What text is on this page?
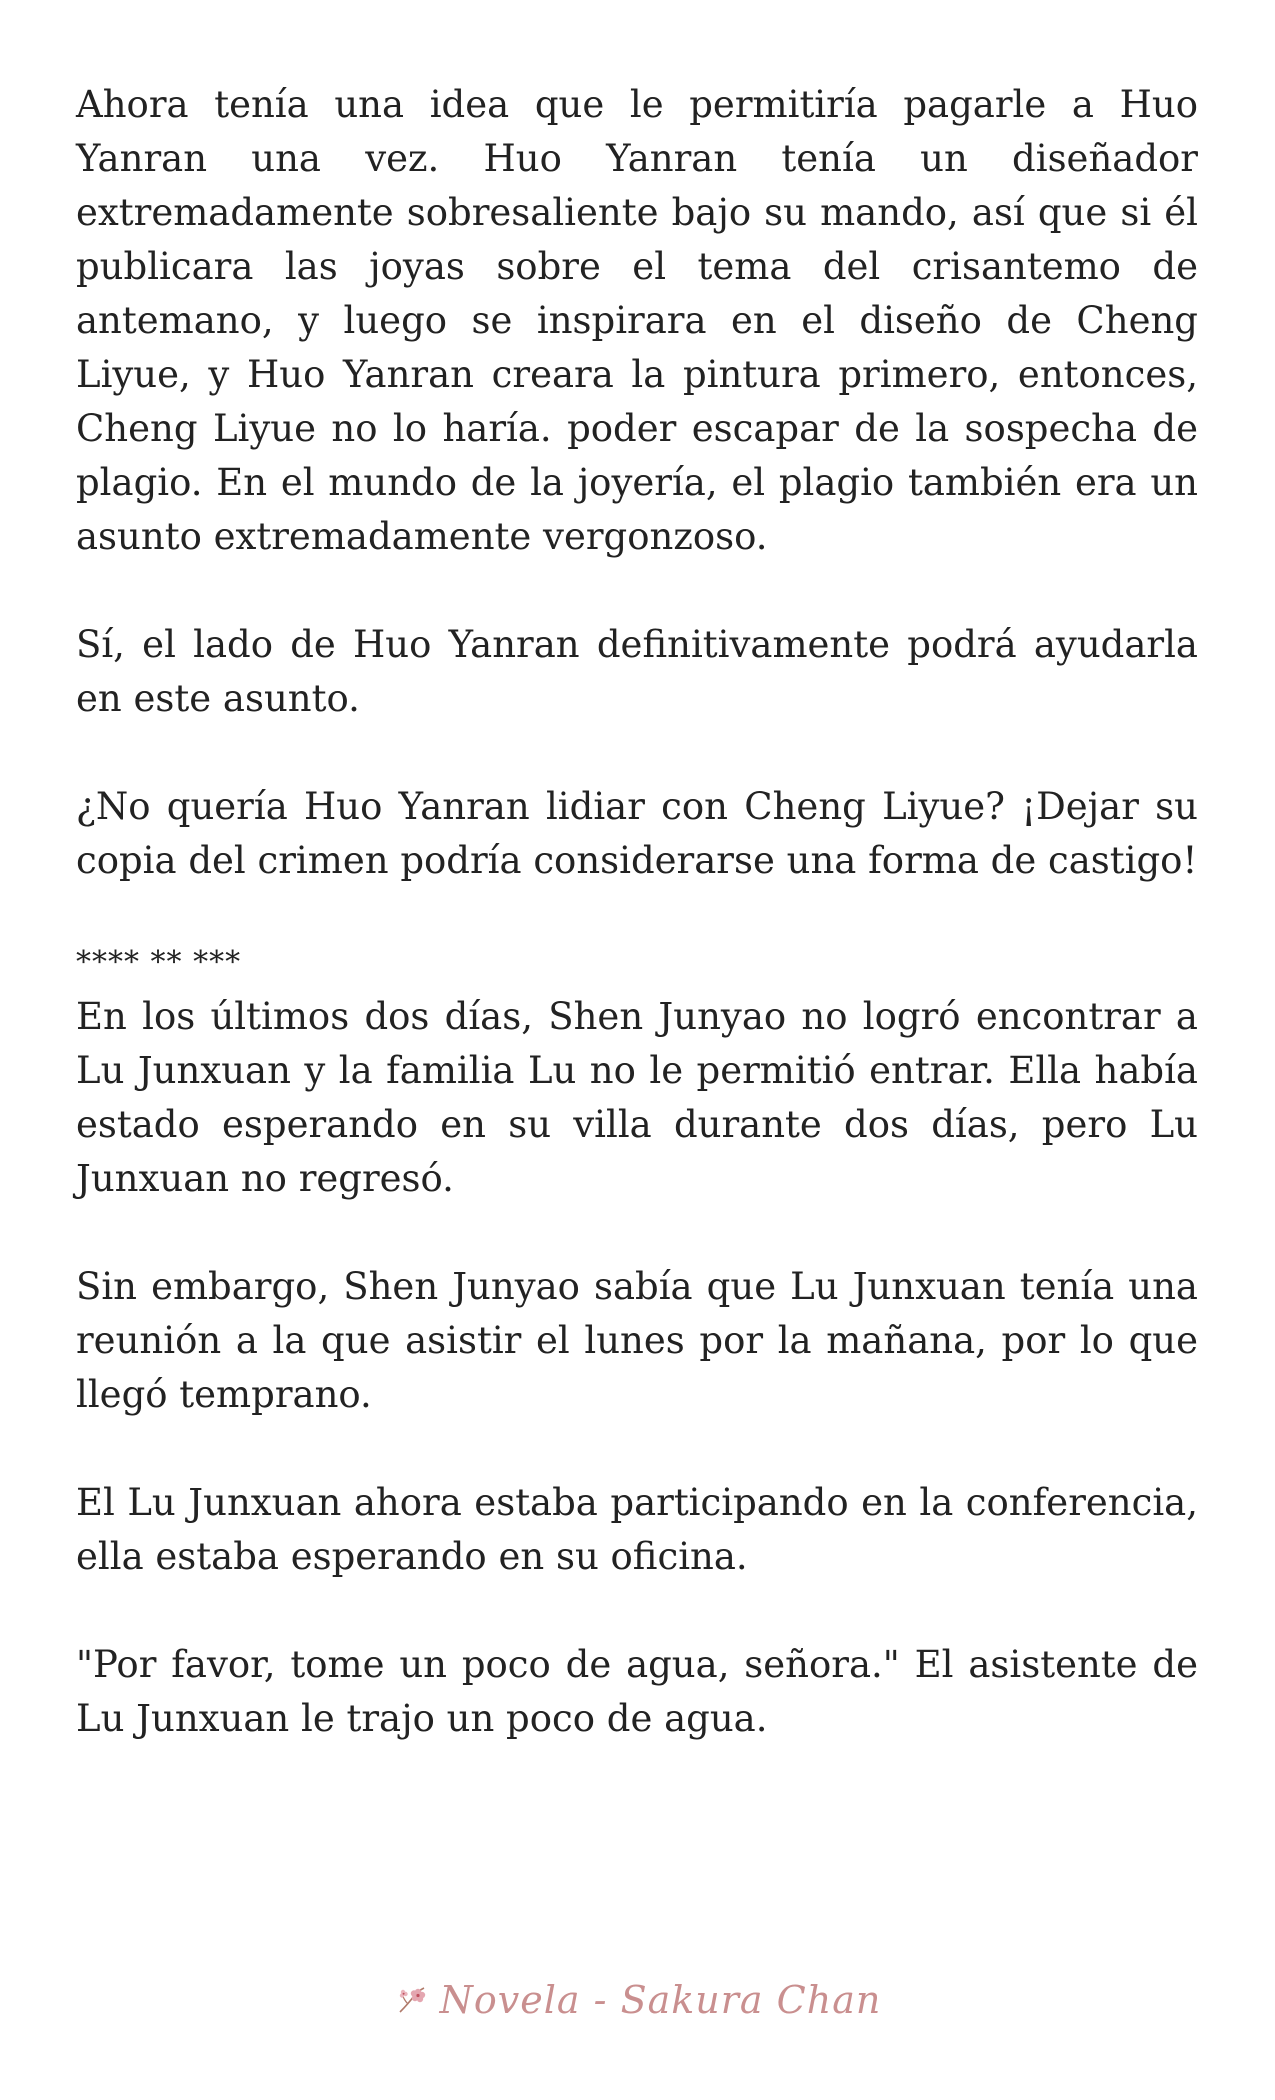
Ahora tenía una idea que le permitiría pagarle a Huo Yanran una vez. Huo Yanran tenía un diseñador extremadamente sobresaliente bajo su mando, así que si él publicara las joyas sobre el tema del crisantemo de antemano, y luego se inspirara en el diseño de Cheng Liyue, y Huo Yanran creara la pintura primero, entonces, Cheng Liyue no lo haría. poder escapar de la sospecha de plagio. En el mundo de la joyería, el plagio también era un asunto extremadamente vergonzoso.

Sí, el lado de Huo Yanran definitivamente podrá ayudarla en este asunto.

¿No quería Huo Yanran lidiar con Cheng Liyue? ¡Dejar su copia del crimen podría considerarse una forma de castigo!

**** ** ***

En los últimos dos días, Shen Junyao no logró encontrar a Lu Junxuan y la familia Lu no le permitió entrar. Ella había estado esperando en su villa durante dos días, pero Lu Junxuan no regresó.

Sin embargo, Shen Junyao sabía que Lu Junxuan tenía una reunión a la que asistir el lunes por la mañana, por lo que llegó temprano.

El Lu Junxuan ahora estaba participando en la conferencia, ella estaba esperando en su oficina.

"Por favor, tome un poco de agua, señora." El asistente de Lu Junxuan le trajo un poco de agua.

Novela - Sakura Chan
